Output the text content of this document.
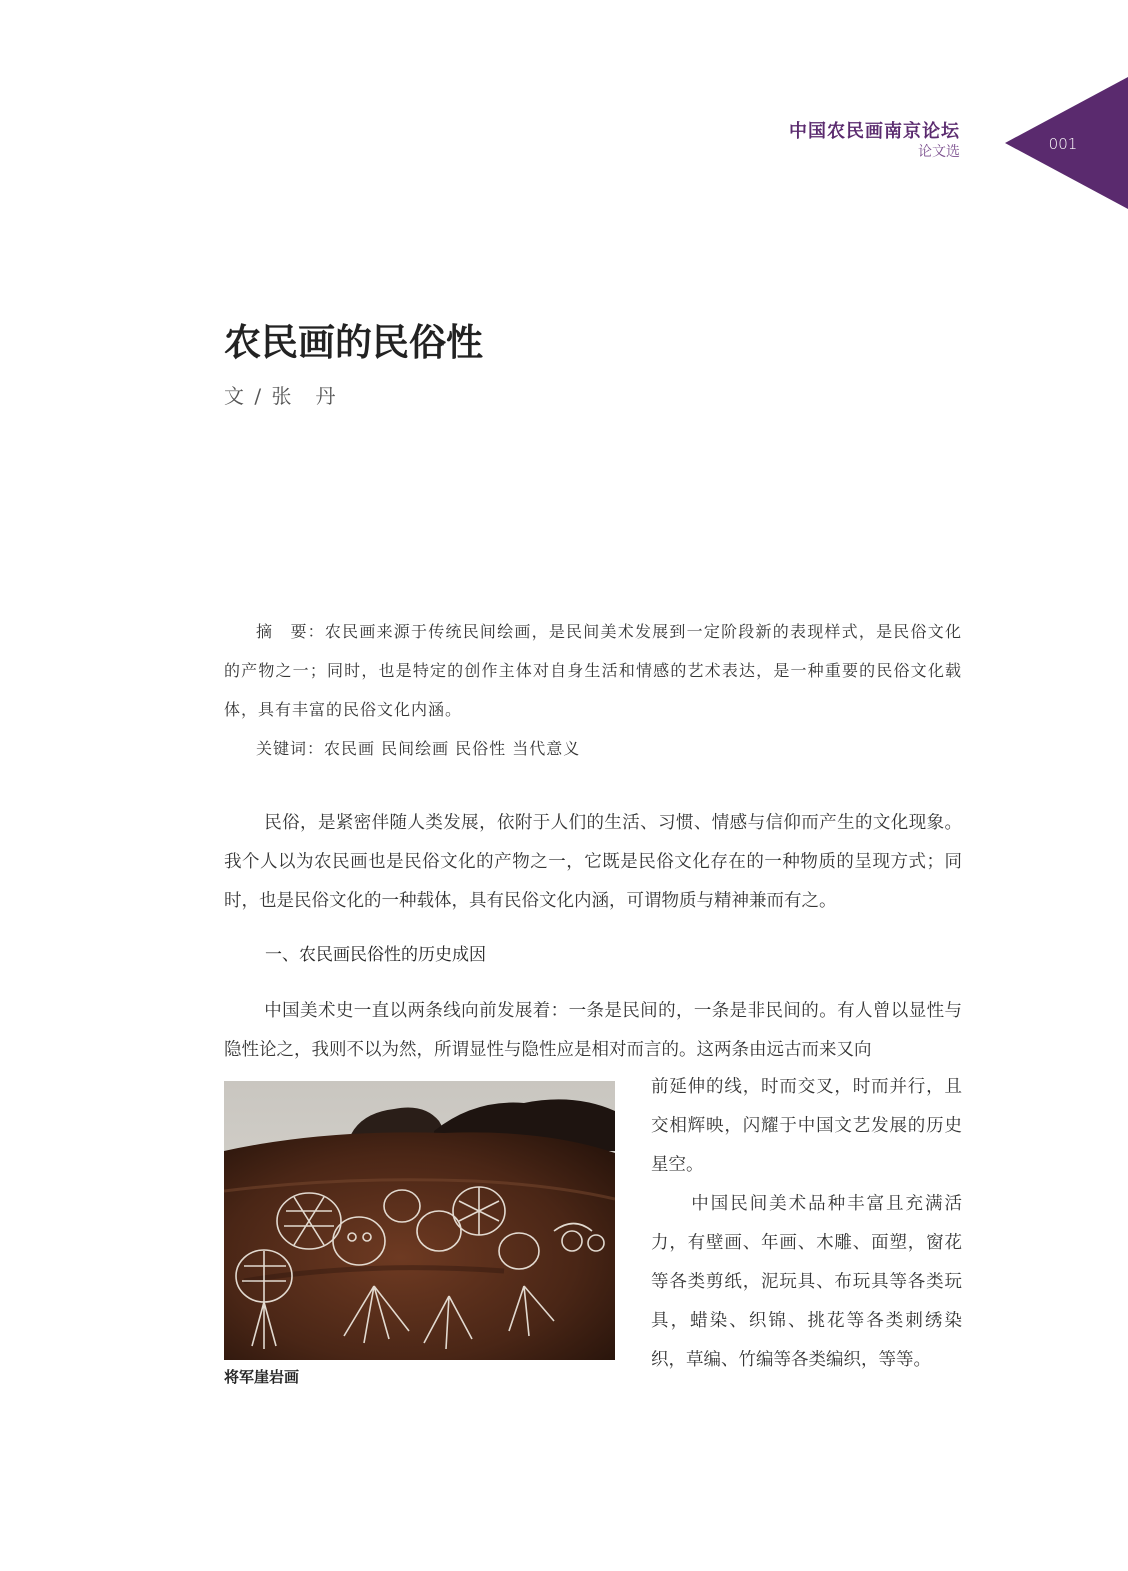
中国农民画南京论坛
论文选	001
农民画的民俗性
文 / 张　丹

摘　要：农民画来源于传统民间绘画，是民间美术发展到一定阶段新的表现样式，是民俗文化的产物之一；同时，也是特定的创作主体对自身生活和情感的艺术表达，是一种重要的民俗文化载体，具有丰富的民俗文化内涵。

关键词：农民画 民间绘画 民俗性 当代意义

民俗，是紧密伴随人类发展，依附于人们的生活、习惯、情感与信仰而产生的文化现象。我个人以为农民画也是民俗文化的产物之一，它既是民俗文化存在的一种物质的呈现方式；同时，也是民俗文化的一种载体，具有民俗文化内涵，可谓物质与精神兼而有之。

一、农民画民俗性的历史成因

中国美术史一直以两条线向前发展着：一条是民间的，一条是非民间的。有人曾以显性与隐性论之，我则不以为然，所谓显性与隐性应是相对而言的。这两条由远古而来又向

将军崖岩画

前延伸的线，时而交叉，时而并行，且交相辉映，闪耀于中国文艺发展的历史星空。

中国民间美术品种丰富且充满活力，有壁画、年画、木雕、面塑，窗花等各类剪纸，泥玩具、布玩具等各类玩具，蜡染、织锦、挑花等各类刺绣染织，草编、竹编等各类编织，等等。
